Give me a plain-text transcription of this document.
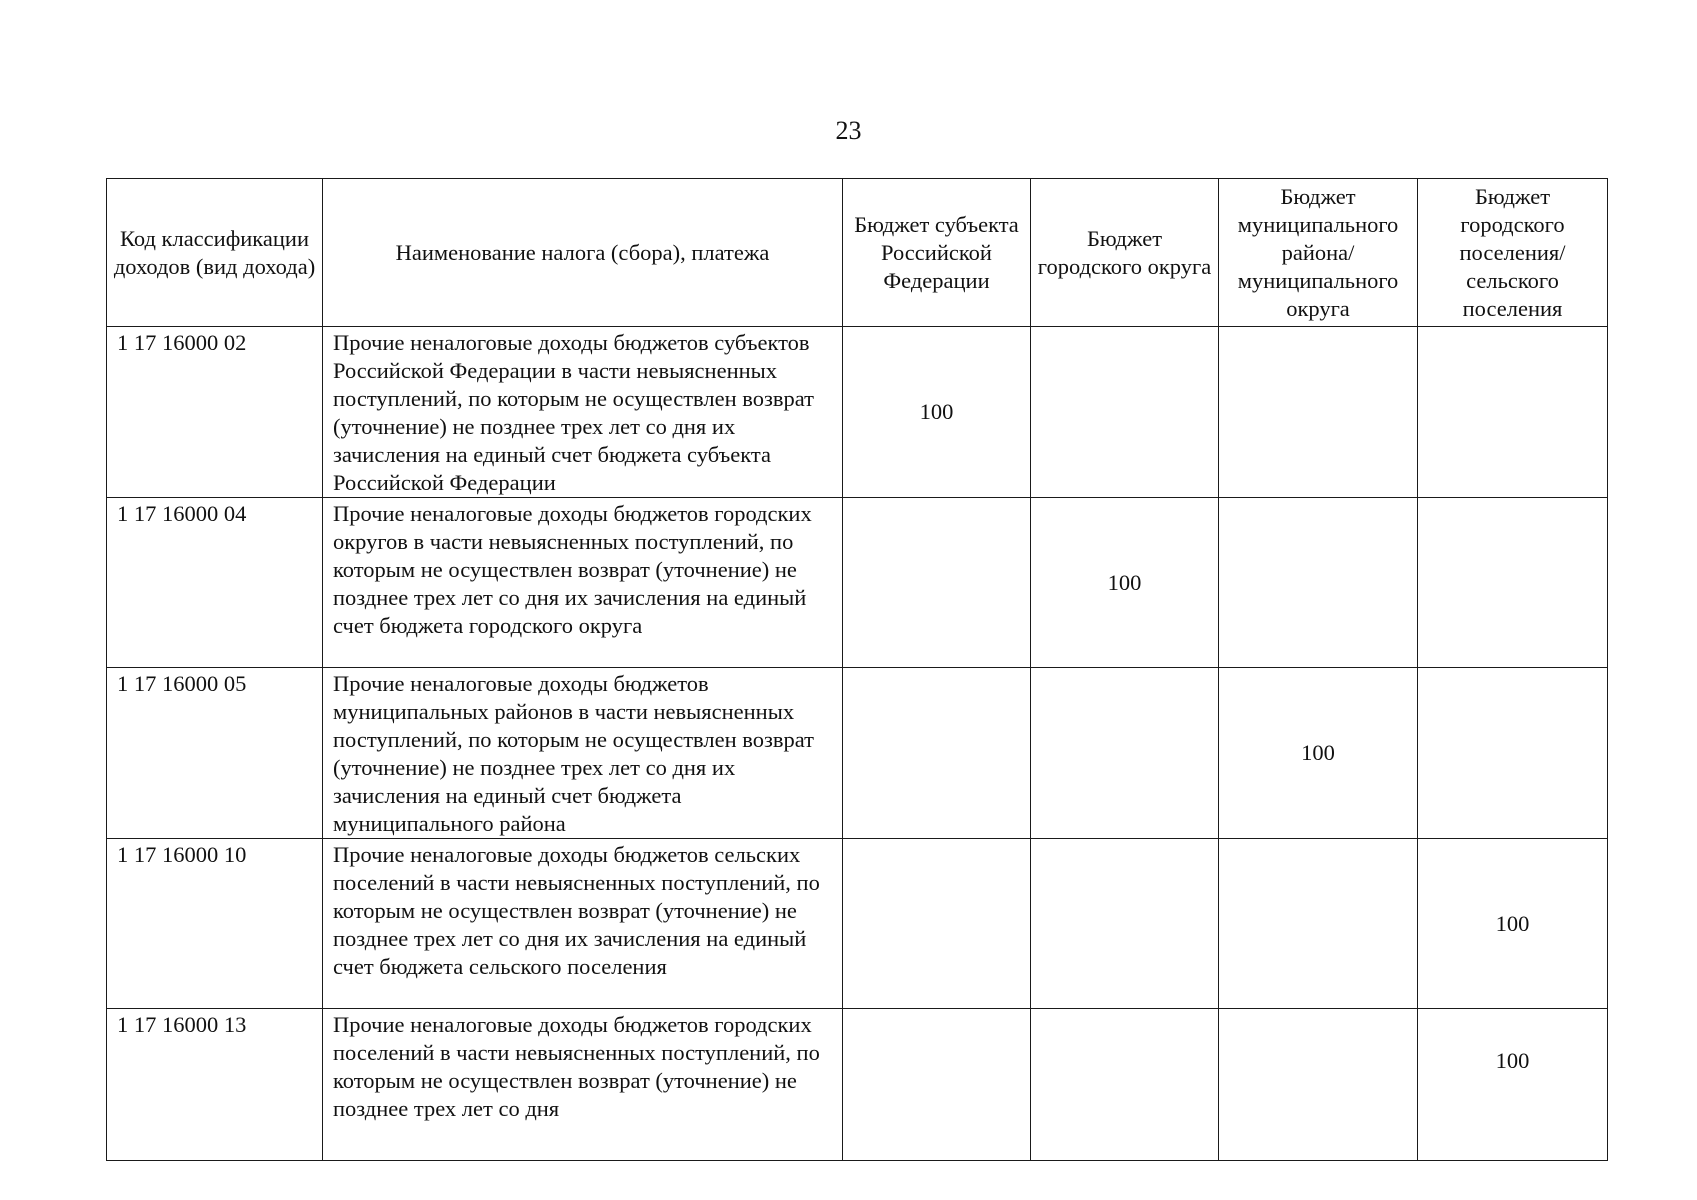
23
Код классификации доходов (вид дохода)	Наименование налога (сбора), платежа	Бюджет субъекта Российской Федерации	Бюджет городского округа	Бюджет муниципального района/ муниципального округа	Бюджет городского поселения/ сельского поселения
1 17 16000 02	Прочие неналоговые доходы бюджетов субъектов Российской Федерации в части невыясненных поступлений, по которым не осуществлен возврат (уточнение) не позднее трех лет со дня их зачисления на единый счет бюджета субъекта Российской Федерации	100			
1 17 16000 04	Прочие неналоговые доходы бюджетов городских округов в части невыясненных поступлений, по которым не осуществлен возврат (уточнение) не позднее трех лет со дня их зачисления на единый счет бюджета городского округа		100		
1 17 16000 05	Прочие неналоговые доходы бюджетов муниципальных районов в части невыясненных поступлений, по которым не осуществлен возврат (уточнение) не позднее трех лет со дня их зачисления на единый счет бюджета муниципального района			100	
1 17 16000 10	Прочие неналоговые доходы бюджетов сельских поселений в части невыясненных поступлений, по которым не осуществлен возврат (уточнение) не позднее трех лет со дня их зачисления на единый счет бюджета сельского поселения				100
1 17 16000 13	Прочие неналоговые доходы бюджетов городских поселений в части невыясненных поступлений, по которым не осуществлен возврат (уточнение) не позднее трех лет со дня				100
